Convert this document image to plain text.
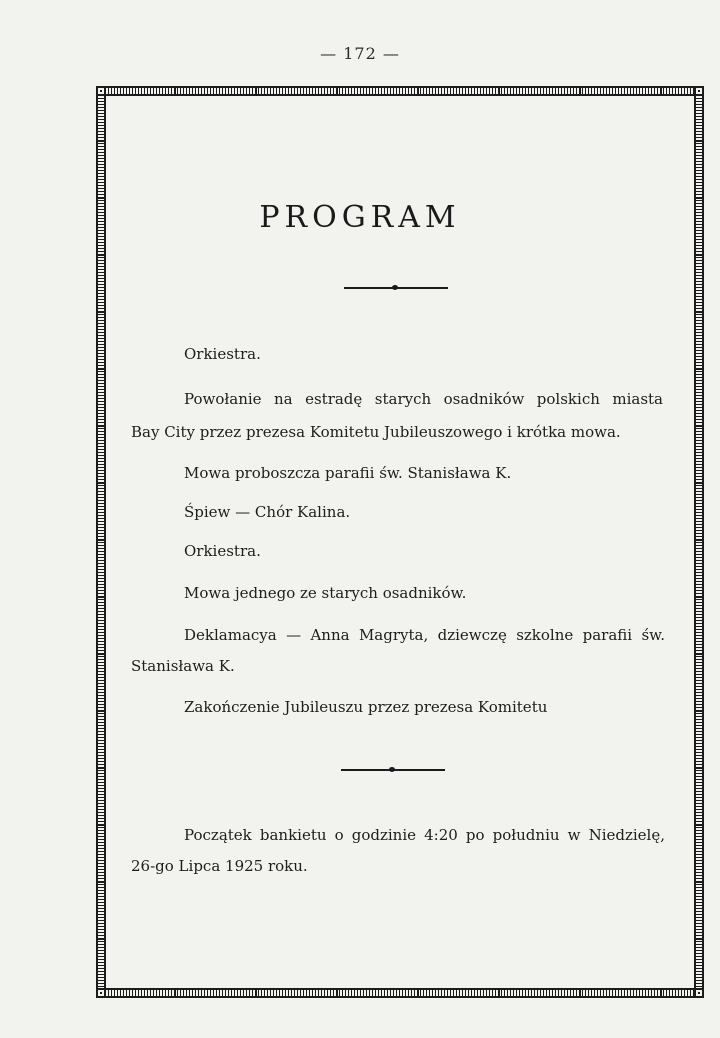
— 172 —
PROGRAM

Orkiestra.

Powołanie na estradę starych osadników polskich miasta

Bay City przez prezesa Komitetu Jubileuszowego i krótka mowa.

Mowa proboszcza parafii św. Stanisława K.

Śpiew — Chór Kalina.

Orkiestra.

Mowa jednego ze starych osadników.

Deklamacya — Anna Magryta, dziewczę szkolne parafii św.

Stanisława K.

Zakończenie Jubileuszu przez prezesa Komitetu

Początek bankietu o godzinie 4:20 po południu w Niedzielę,

26-go Lipca 1925 roku.
